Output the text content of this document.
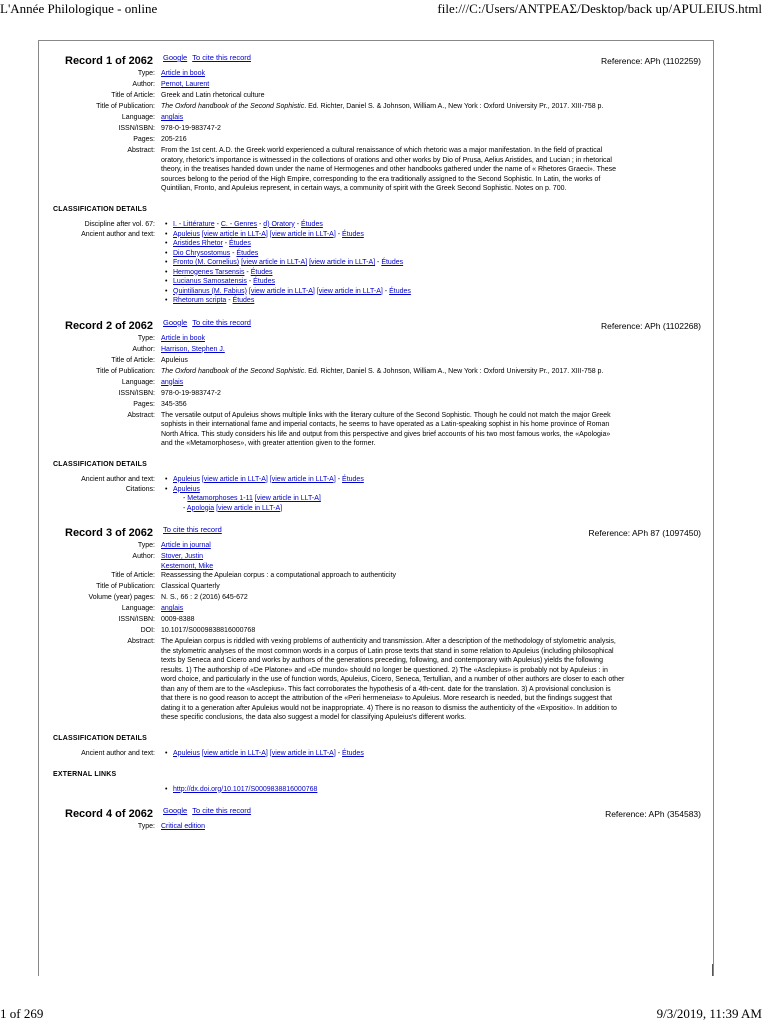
L'Année Philologique - online	file:///C:/Users/ΑΝΤΡΕΑΣ/Desktop/back up/APULEIUS.html
Record 1 of 2062 Google To cite this record	Reference: APh (1102259)
Type: Article in book
Author: Pernot, Laurent
Title of Article: Greek and Latin rhetorical culture
Title of Publication: The Oxford handbook of the Second Sophistic. Ed. Richter, Daniel S. & Johnson, William A., New York : Oxford University Pr., 2017. XIII-758 p.
Language: anglais
ISSN/ISBN: 978-0-19-983747-2
Pages: 205-216
Abstract: From the 1st cent. A.D. the Greek world experienced a cultural renaissance of which rhetoric was a major manifestation. In the field of practical
oratory, rhetoric's importance is witnessed in the collections of orations and other works by Dio of Prusa, Aelius Aristides, and Lucian ; in rhetorical
theory, in the treatises handed down under the name of Hermogenes and other handbooks gathered under the name of « Rhetores Graeci». These
sources belong to the period of the High Empire, corresponding to the era traditionally assigned to the Second Sophistic. In Latin, the works of
Quintilian, Fronto, and Apuleius represent, in certain ways, a community of spirit with the Greek Second Sophistic. Notes on p. 700.
CLASSIFICATION DETAILS
Discipline after vol. 67:	• I. - Littérature - C. - Genres - d) Oratory - Études
Ancient author and text:	• Apuleius [view article in LLT-A] [view article in LLT-A] - Études
• Aristides Rhetor - Études
• Dio Chrysostomus - Études
• Fronto (M. Cornelius) [view article in LLT-A] [view article in LLT-A] - Études
• Hermogenes Tarsensis - Études
• Lucianus Samosatensis - Études
• Quintilianus (M. Fabius) [view article in LLT-A] [view article in LLT-A] - Études
• Rhetorum scripta - Études
Record 2 of 2062 Google To cite this record	Reference: APh (1102268)
Type: Article in book
Author: Harrison, Stephen J.
Title of Article: Apuleius
Title of Publication: The Oxford handbook of the Second Sophistic. Ed. Richter, Daniel S. & Johnson, William A., New York : Oxford University Pr., 2017. XIII-758 p.
Language: anglais
ISSN/ISBN: 978-0-19-983747-2
Pages: 345-356
Abstract: The versatile output of Apuleius shows multiple links with the literary culture of the Second Sophistic. Though he could not match the major Greek
sophists in their international fame and imperial contacts, he seems to have operated as a Latin-speaking sophist in his home province of Roman
North Africa. This study considers his life and output from this perspective and gives brief accounts of his two most famous works, the «Apologia»
and the «Metamorphoses», with greater attention given to the former.
CLASSIFICATION DETAILS
Ancient author and text:	• Apuleius [view article in LLT-A] [view article in LLT-A] - Études
Citations:	• Apuleius
- Metamorphoses 1-11 [view article in LLT-A]
- Apologia [view article in LLT-A]
Record 3 of 2062 To cite this record	Reference: APh 87 (1097450)
Type: Article in journal
Author: Stover, Justin
Kestemont, Mike
Title of Article: Reassessing the Apuleian corpus : a computational approach to authenticity
Title of Publication: Classical Quarterly
Volume (year) pages: N. S., 66 : 2 (2016) 645-672
Language: anglais
ISSN/ISBN: 0009-8388
DOI: 10.1017/S0009838816000768
Abstract: The Apuleian corpus is riddled with vexing problems of authenticity and transmission. After a description of the methodology of stylometric analysis,
the stylometric analyses of the most common words in a corpus of Latin prose texts that stand in some relation to Apuleius (including philosophical
texts by Seneca and Cicero and works by authors of the generations preceding, following, and contemporary with Apuleius) yields the following
results. 1) The authorship of «De Platone» and «De mundo» should no longer be questioned. 2) The «Asclepius» is probably not by Apuleius : in
word choice, and particularly in the use of function words, Apuleius, Cicero, Seneca, Tertullian, and a number of other authors are closer to each other
than any of them are to the «Asclepius». This fact corroborates the hypothesis of a 4th-cent. date for the translation. 3) A provisional conclusion is
that there is no good reason to accept the attribution of the «Peri hermeneias» to Apuleius. More research is needed, but the findings suggest that
dating it to a generation after Apuleius would not be inappropriate. 4) There is no reason to dismiss the authenticity of the «Expositio». In addition to
these specific conclusions, the data also suggest a model for classifying Apuleius's different works.
CLASSIFICATION DETAILS
Ancient author and text:	• Apuleius [view article in LLT-A] [view article in LLT-A] - Études
EXTERNAL LINKS
• http://dx.doi.org/10.1017/S0009838816000768
Record 4 of 2062 Google To cite this record	Reference: APh (354583)
Type: Critical edition
1 of 269	9/3/2019, 11:39 AM
